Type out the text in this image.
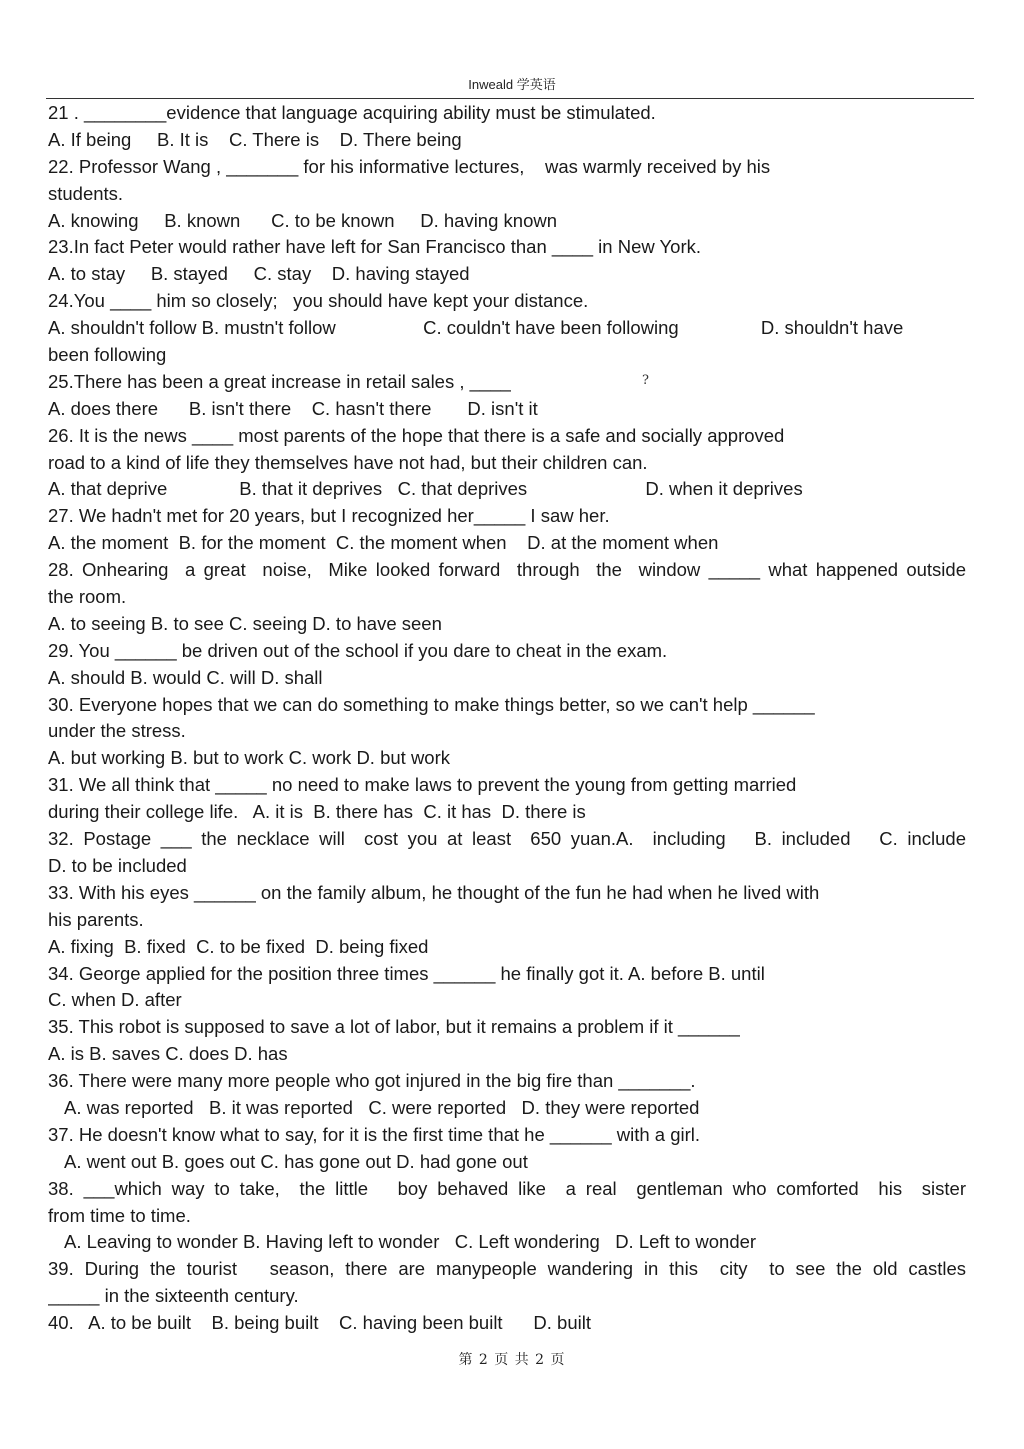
Inweald 学英语
21 . ________evidence that language acquiring ability must be stimulated.
A. If being     B. It is    C. There is    D. There being
22. Professor Wang , _______ for his informative lectures,    was warmly received by his
students.
A. knowing     B. known      C. to be known     D. having known
23.In fact Peter would rather have left for San Francisco than ____ in New York.
A. to stay     B. stayed     C. stay    D. having stayed
24.You ____ him so closely;   you should have kept your distance.
A. shouldn't follow B. mustn't follow                 C. couldn't have been following                D. shouldn't have
been following
25.There has been a great increase in retail sales , ____
A. does there      B. isn't there    C. hasn't there       D. isn't it
26. It is the news ____ most parents of the hope that there is a safe and socially approved
road to a kind of life they themselves have not had, but their children can.
A. that deprive              B. that it deprives   C. that deprives                       D. when it deprives
27. We hadn't met for 20 years, but I recognized her_____ I saw her.
A. the moment  B. for the moment  C. the moment when    D. at the moment when
28. Onhearing  a great  noise,  Mike looked forward  through  the  window _____ what happened outside
the room.
A. to seeing B. to see C. seeing D. to have seen
29. You ______ be driven out of the school if you dare to cheat in the exam.
A. should B. would C. will D. shall
30. Everyone hopes that we can do something to make things better, so we can't help ______
under the stress.
A. but working B. but to work C. work D. but work
31. We all think that _____ no need to make laws to prevent the young from getting married
during their college life.   A. it is  B. there has  C. it has  D. there is
32. Postage ___ the necklace will  cost you at least  650 yuan.A.  including   B. included   C. include
D. to be included
33. With his eyes ______ on the family album, he thought of the fun he had when he lived with
his parents.
A. fixing  B. fixed  C. to be fixed  D. being fixed
34. George applied for the position three times ______ he finally got it. A. before B. until
C. when D. after
35. This robot is supposed to save a lot of labor, but it remains a problem if it ______
A. is B. saves C. does D. has
36. There were many more people who got injured in the big fire than _______.
A. was reported   B. it was reported   C. were reported   D. they were reported
37. He doesn't know what to say, for it is the first time that he ______ with a girl.
A. went out B. goes out C. has gone out D. had gone out
38. ___which way to take,  the little   boy behaved like  a real  gentleman who comforted  his  sister
from time to time.
A. Leaving to wonder B. Having left to wonder   C. Left wondering   D. Left to wonder
39. During the tourist   season, there are manypeople wandering in this  city  to see the old castles
_____ in the sixteenth century.
40.   A. to be built    B. being built    C. having been built      D. built
?
第 2 页 共 2 页
